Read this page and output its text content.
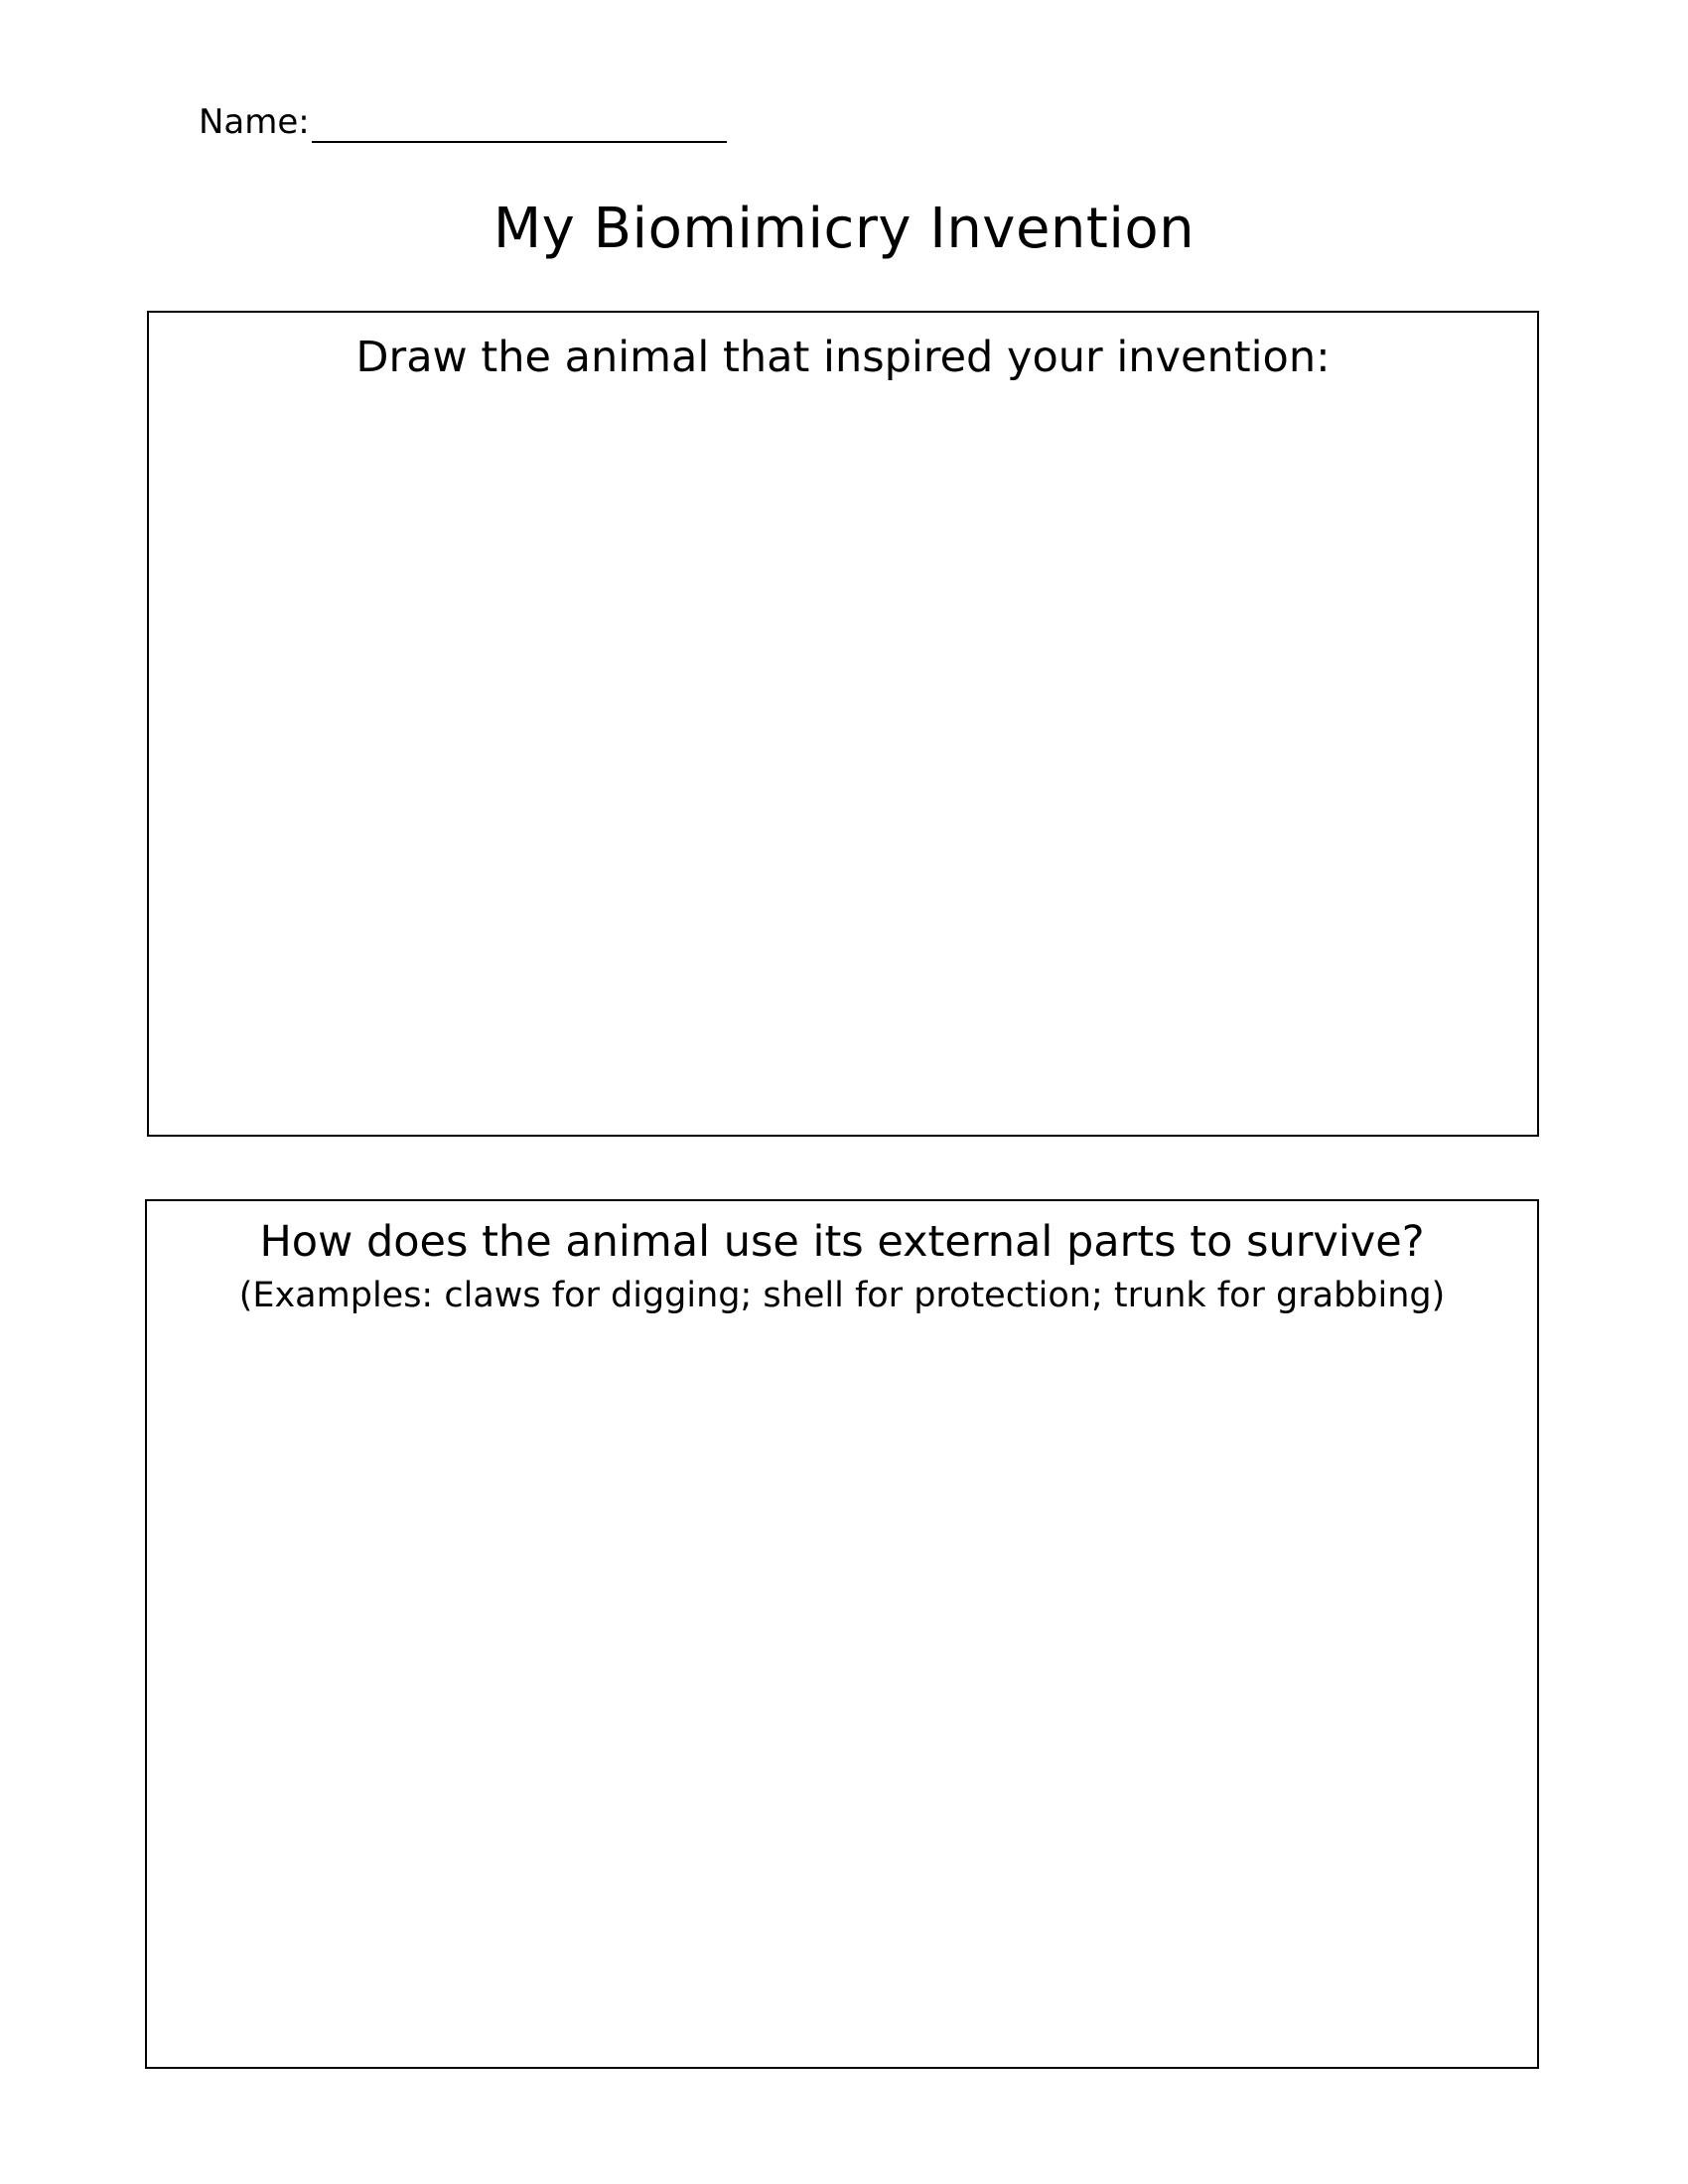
Name:
My Biomimicry Invention
Draw the animal that inspired your invention:
How does the animal use its external parts to survive?
(Examples: claws for digging; shell for protection; trunk for grabbing)
